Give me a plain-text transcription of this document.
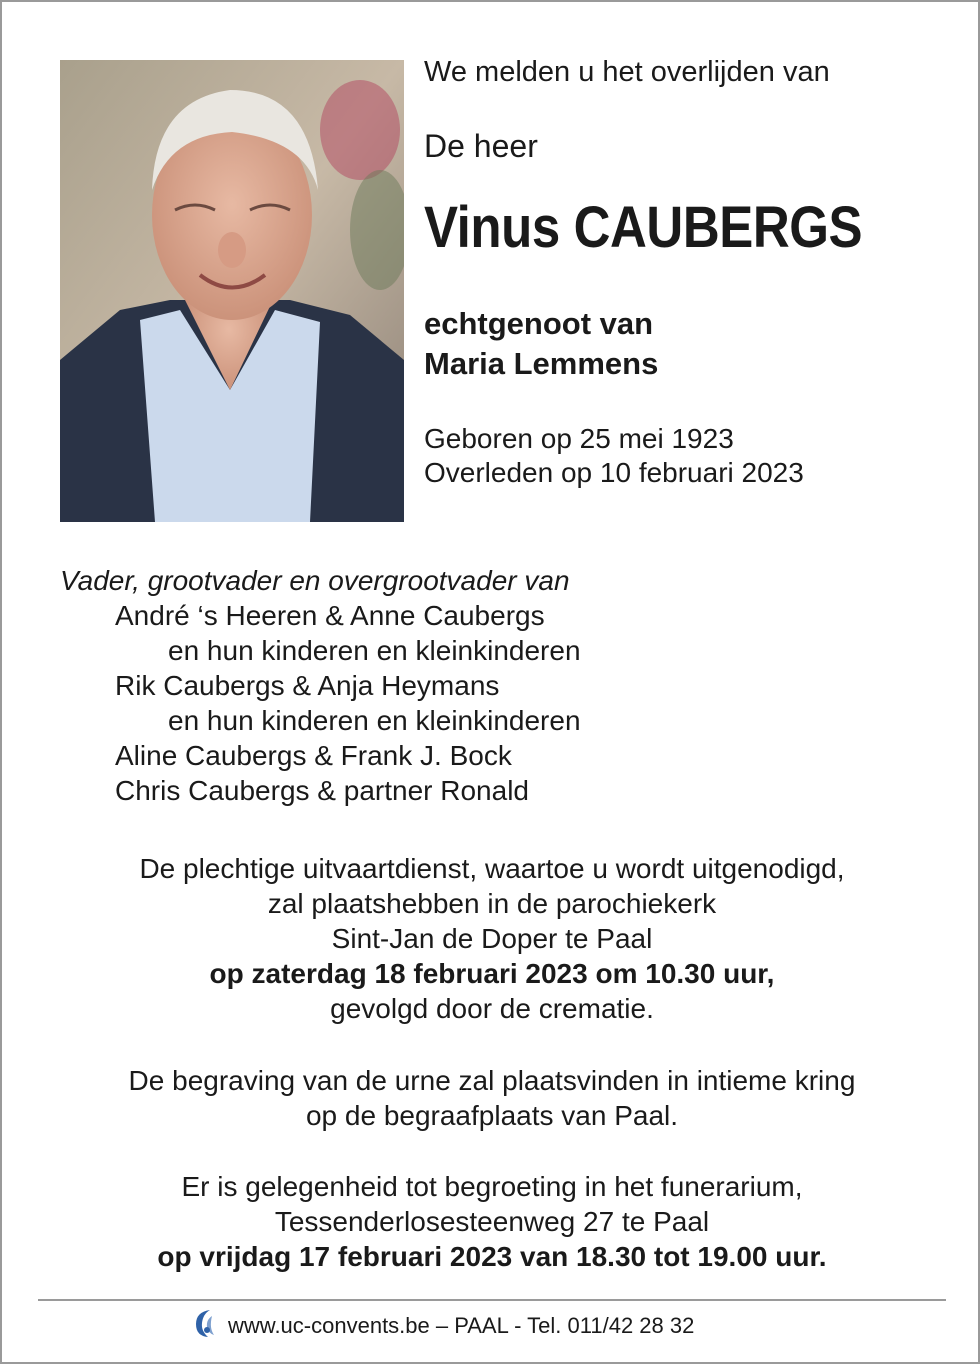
We melden u het overlijden van
De heer
Vinus CAUBERGS
echtgenoot van
Maria Lemmens
Geboren op 25 mei 1923
Overleden op 10 februari 2023
Vader, grootvader en overgrootvader van
André ‘s Heeren & Anne Caubergs
en hun kinderen en kleinkinderen
Rik Caubergs & Anja Heymans
en hun kinderen en kleinkinderen
Aline Caubergs & Frank J. Bock
Chris Caubergs & partner Ronald
De plechtige uitvaartdienst, waartoe u wordt uitgenodigd,
zal plaatshebben in de parochiekerk
Sint-Jan de Doper te Paal
op zaterdag 18 februari 2023 om 10.30 uur,
gevolgd door de crematie.
De begraving van de urne zal plaatsvinden in intieme kring
op de begraafplaats van Paal.
Er is gelegenheid tot begroeting in het funerarium,
Tessenderlosesteenweg 27 te Paal
op vrijdag 17 februari 2023 van 18.30 tot 19.00 uur.
www.uc-convents.be – PAAL - Tel. 011/42 28 32
